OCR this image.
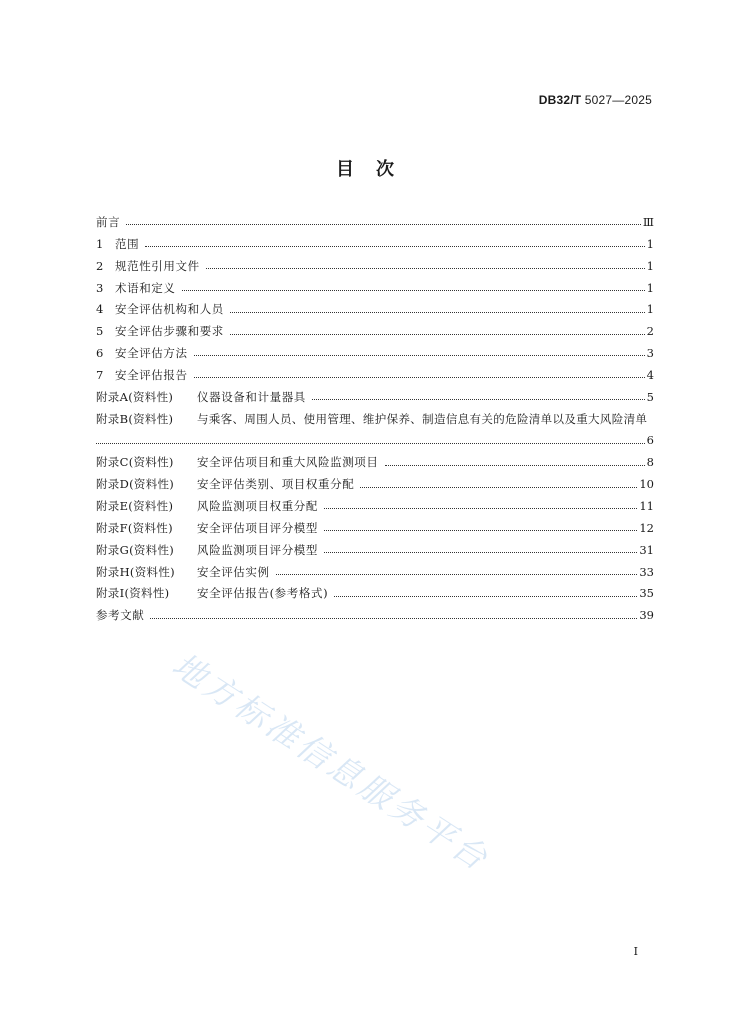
DB32/T 5027—2025
目次
前言	Ⅲ
1	范围	1
2	规范性引用文件	1
3	术语和定义	1
4	安全评估机构和人员	1
5	安全评估步骤和要求	2
6	安全评估方法	3
7	安全评估报告	4
附录A(资料性)	仪器设备和计量器具	5
附录B(资料性)	与乘客、周围人员、使用管理、维护保养、制造信息有关的危险清单以及重大风险清单
6
附录C(资料性)	安全评估项目和重大风险监测项目	8
附录D(资料性)	安全评估类别、项目权重分配	10
附录E(资料性)	风险监测项目权重分配	11
附录F(资料性)	安全评估项目评分模型	12
附录G(资料性)	风险监测项目评分模型	31
附录H(资料性)	安全评估实例	33
附录I(资料性)	安全评估报告(参考格式)	35
参考文献	39
地方标准信息服务平台
I
